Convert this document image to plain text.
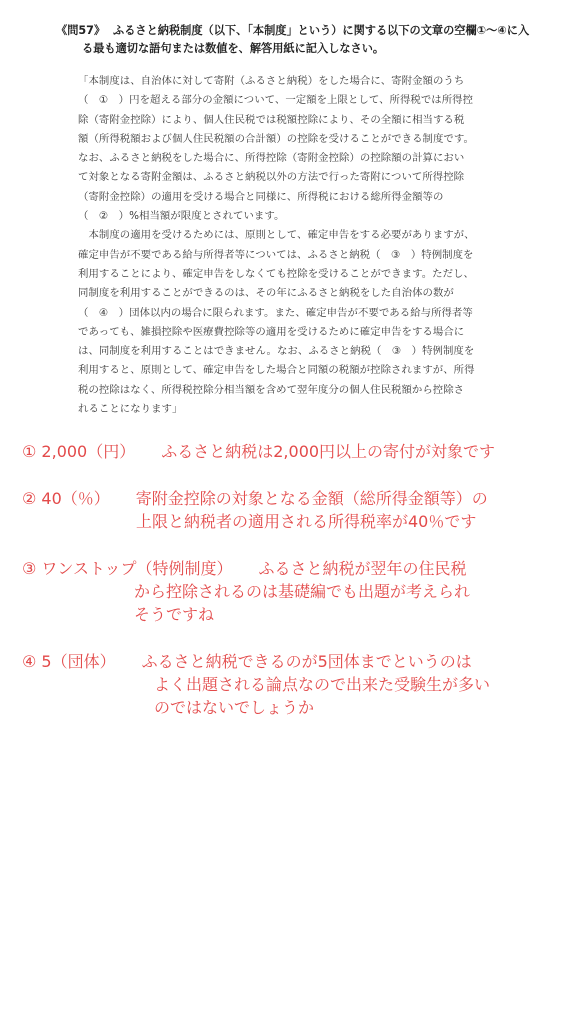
《問57》 ふるさと納税制度（以下、「本制度」という）に関する以下の文章の空欄①〜④に入
る最も適切な語句または数値を、解答用紙に記入しなさい。

「本制度は、自治体に対して寄附（ふるさと納税）をした場合に、寄附金額のうち

（　①　）円を超える部分の金額について、一定額を上限として、所得税では所得控

除（寄附金控除）により、個人住民税では税額控除により、その全額に相当する税

額（所得税額および個人住民税額の合計額）の控除を受けることができる制度です。

なお、ふるさと納税をした場合に、所得控除（寄附金控除）の控除額の計算におい

て対象となる寄附金額は、ふるさと納税以外の方法で行った寄附について所得控除

（寄附金控除）の適用を受ける場合と同様に、所得税における総所得金額等の

（　②　）%相当額が限度とされています。

　本制度の適用を受けるためには、原則として、確定申告をする必要がありますが、

確定申告が不要である給与所得者等については、ふるさと納税（　③　）特例制度を

利用することにより、確定申告をしなくても控除を受けることができます。ただし、

同制度を利用することができるのは、その年にふるさと納税をした自治体の数が

（　④　）団体以内の場合に限られます。また、確定申告が不要である給与所得者等

であっても、雑損控除や医療費控除等の適用を受けるために確定申告をする場合に

は、同制度を利用することはできません。なお、ふるさと納税（　③　）特例制度を

利用すると、原則として、確定申告をした場合と同額の税額が控除されますが、所得

税の控除はなく、所得税控除分相当額を含めて翌年度分の個人住民税額から控除さ

れることになります」

① 2,000（円） ふるさと納税は2,000円以上の寄付が対象です
② 40（％） 寄附金控除の対象となる金額（総所得金額等）の
上限と納税者の適用される所得税率が40％です
③ ワンストップ（特例制度） ふるさと納税が翌年の住民税
から控除されるのは基礎編でも出題が考えられ
そうですね
④ 5（団体） ふるさと納税できるのが5団体までというのは
よく出題される論点なので出来た受験生が多い
のではないでしょうか
